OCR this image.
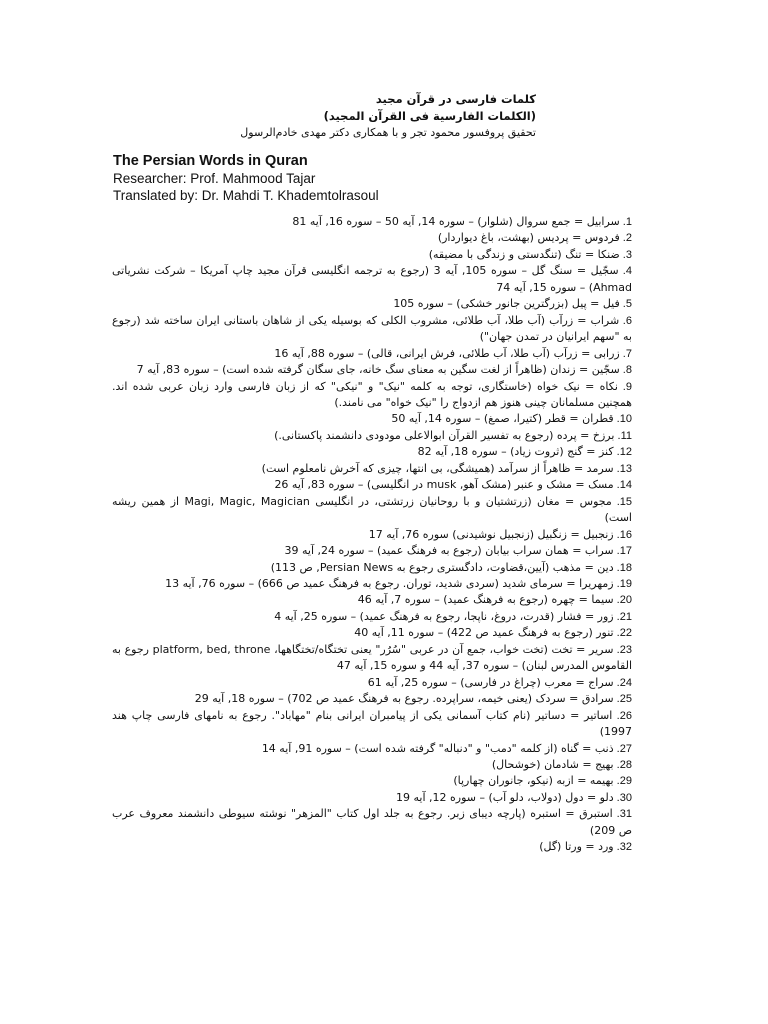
کلمات فارسی در قرآن مجید
(الکلمات الفارسیة فی القرآن المجید)
تحقیق پروفسور محمود تجر و با همکاری دکتر مهدی خادم‌الرسول
The Persian Words in Quran
Researcher: Prof. Mahmood Tajar
Translated by: Dr. Mahdi T. Khademtolrasoul

1. سرابیل = جمع سروال (شلوار) – سوره 14, آیه 50 – سوره 16, آیه 81

2. فردوس = پردیس (بهشت، باغ دیواردار)

3. ضنکا = تنگ (تنگدستی و زندگی با مضیقه)

4. سجّیل = سنگ گل – سوره 105, آیه 3 (رجوع به ترجمه انگلیسی قرآن مجید چاپ آمریکا – شرکت نشریاتی Ahmad) – سوره 15, آیه 74

5. فیل = پیل (بزرگترین جانور خشکی) – سوره 105

6. شراب = زرآب (آب طلا، آب طلائی، مشروب الکلی که بوسیله یکی از شاهان باستانی ایران ساخته شد (رجوع به "سهم ایرانیان در تمدن جهان")

7. زرابی = زرآب (آب طلا، آب طلائی، فرش ایرانی، قالی) – سوره 88, آیه 16

8. سجّین = زندان (ظاهراً از لغت سگین به معنای سگ خانه، جای سگان گرفته شده است) – سوره 83, آیه 7

9. نکاه = نیک خواه (خاستگاری، توجه به کلمه "نیک" و "نیکی" که از زبان فارسی وارد زبان عربی شده اند. همچنین مسلمانان چینی هنوز هم ازدواج را "نیک خواه" می نامند.)

10. قطران = قطر (کتیرا، صمغ) – سوره 14, آیه 50

11. برزخ = پرده (رجوع به تفسیر القرآن ابوالاعلی مودودی دانشمند پاکستانی.)

12. کنز = گنج (ثروت زیاد) – سوره 18, آیه 82

13. سرمد = ظاهراً از سرآمد (همیشگی، بی انتها، چیزی که آخرش نامعلوم است)

14. مسک = مشک و عنبر (مشک آهو, musk در انگلیسی) – سوره 83, آیه 26

15. مجوس = مغان (زرتشتیان و با روحانیان زرتشتی، در انگلیسی Magi, Magic, Magician از همین ریشه است)

16. زنجبیل = زنگبیل (زنجبیل نوشیدنی) سوره 76, آیه 17

17. سراب = همان سراب بیابان (رجوع به فرهنگ عمید) – سوره 24, آیه 39

18. دین = مذهب (آیین،قضاوت، دادگستری رجوع به Persian News, ص 113)

19. زمهریرا = سرمای شدید (سردی شدید، توران. رجوع به فرهنگ عمید ص 666) – سوره 76, آیه 13

20. سیما = چهره (رجوع به فرهنگ عمید) – سوره 7, آیه 46

21. زور = فشار (قدرت، دروغ، ناپجا، رجوع به فرهنگ عمید) – سوره 25, آیه 4

22. تنور (رجوع به فرهنگ عمید ص 422) – سوره 11, آیه 40

23. سریر = تخت (تخت خواب، جمع آن در عربی "سُرُر" یعنی تختگاه/تختگاهها، platform, bed, throne رجوع به القاموس المدرس لبنان) – سوره 37, آیه 44 و سوره 15, آیه 47

24. سراج = معرب (چراغ در فارسی) – سوره 25, آیه 61

25. سرادق = سردک (یعنی خیمه، سراپرده. رجوع به فرهنگ عمید ص 702) – سوره 18, آیه 29

26. اساتیر = دساتیر (نام کتاب آسمانی یکی از پیامبران ایرانی بنام "مهاباد". رجوع به نامهای فارسی چاپ هند 1997)

27. ذنب = گناه (از کلمه "دمب" و "دنباله" گرفته شده است) – سوره 91, آیه 14

28. بهیج = شادمان (خوشحال)

29. بهیمه = ازبه (نیکو، جانوران چهارپا)

30. دلو = دول (دولاب، دلو آب) – سوره 12, آیه 19

31. استبرق = استبره (پارچه دیبای زبر. رجوع به جلد اول کتاب "المزهر" نوشته سیوطی دانشمند معروف عرب ص 209)

32. ورد = ورتا (گل)
